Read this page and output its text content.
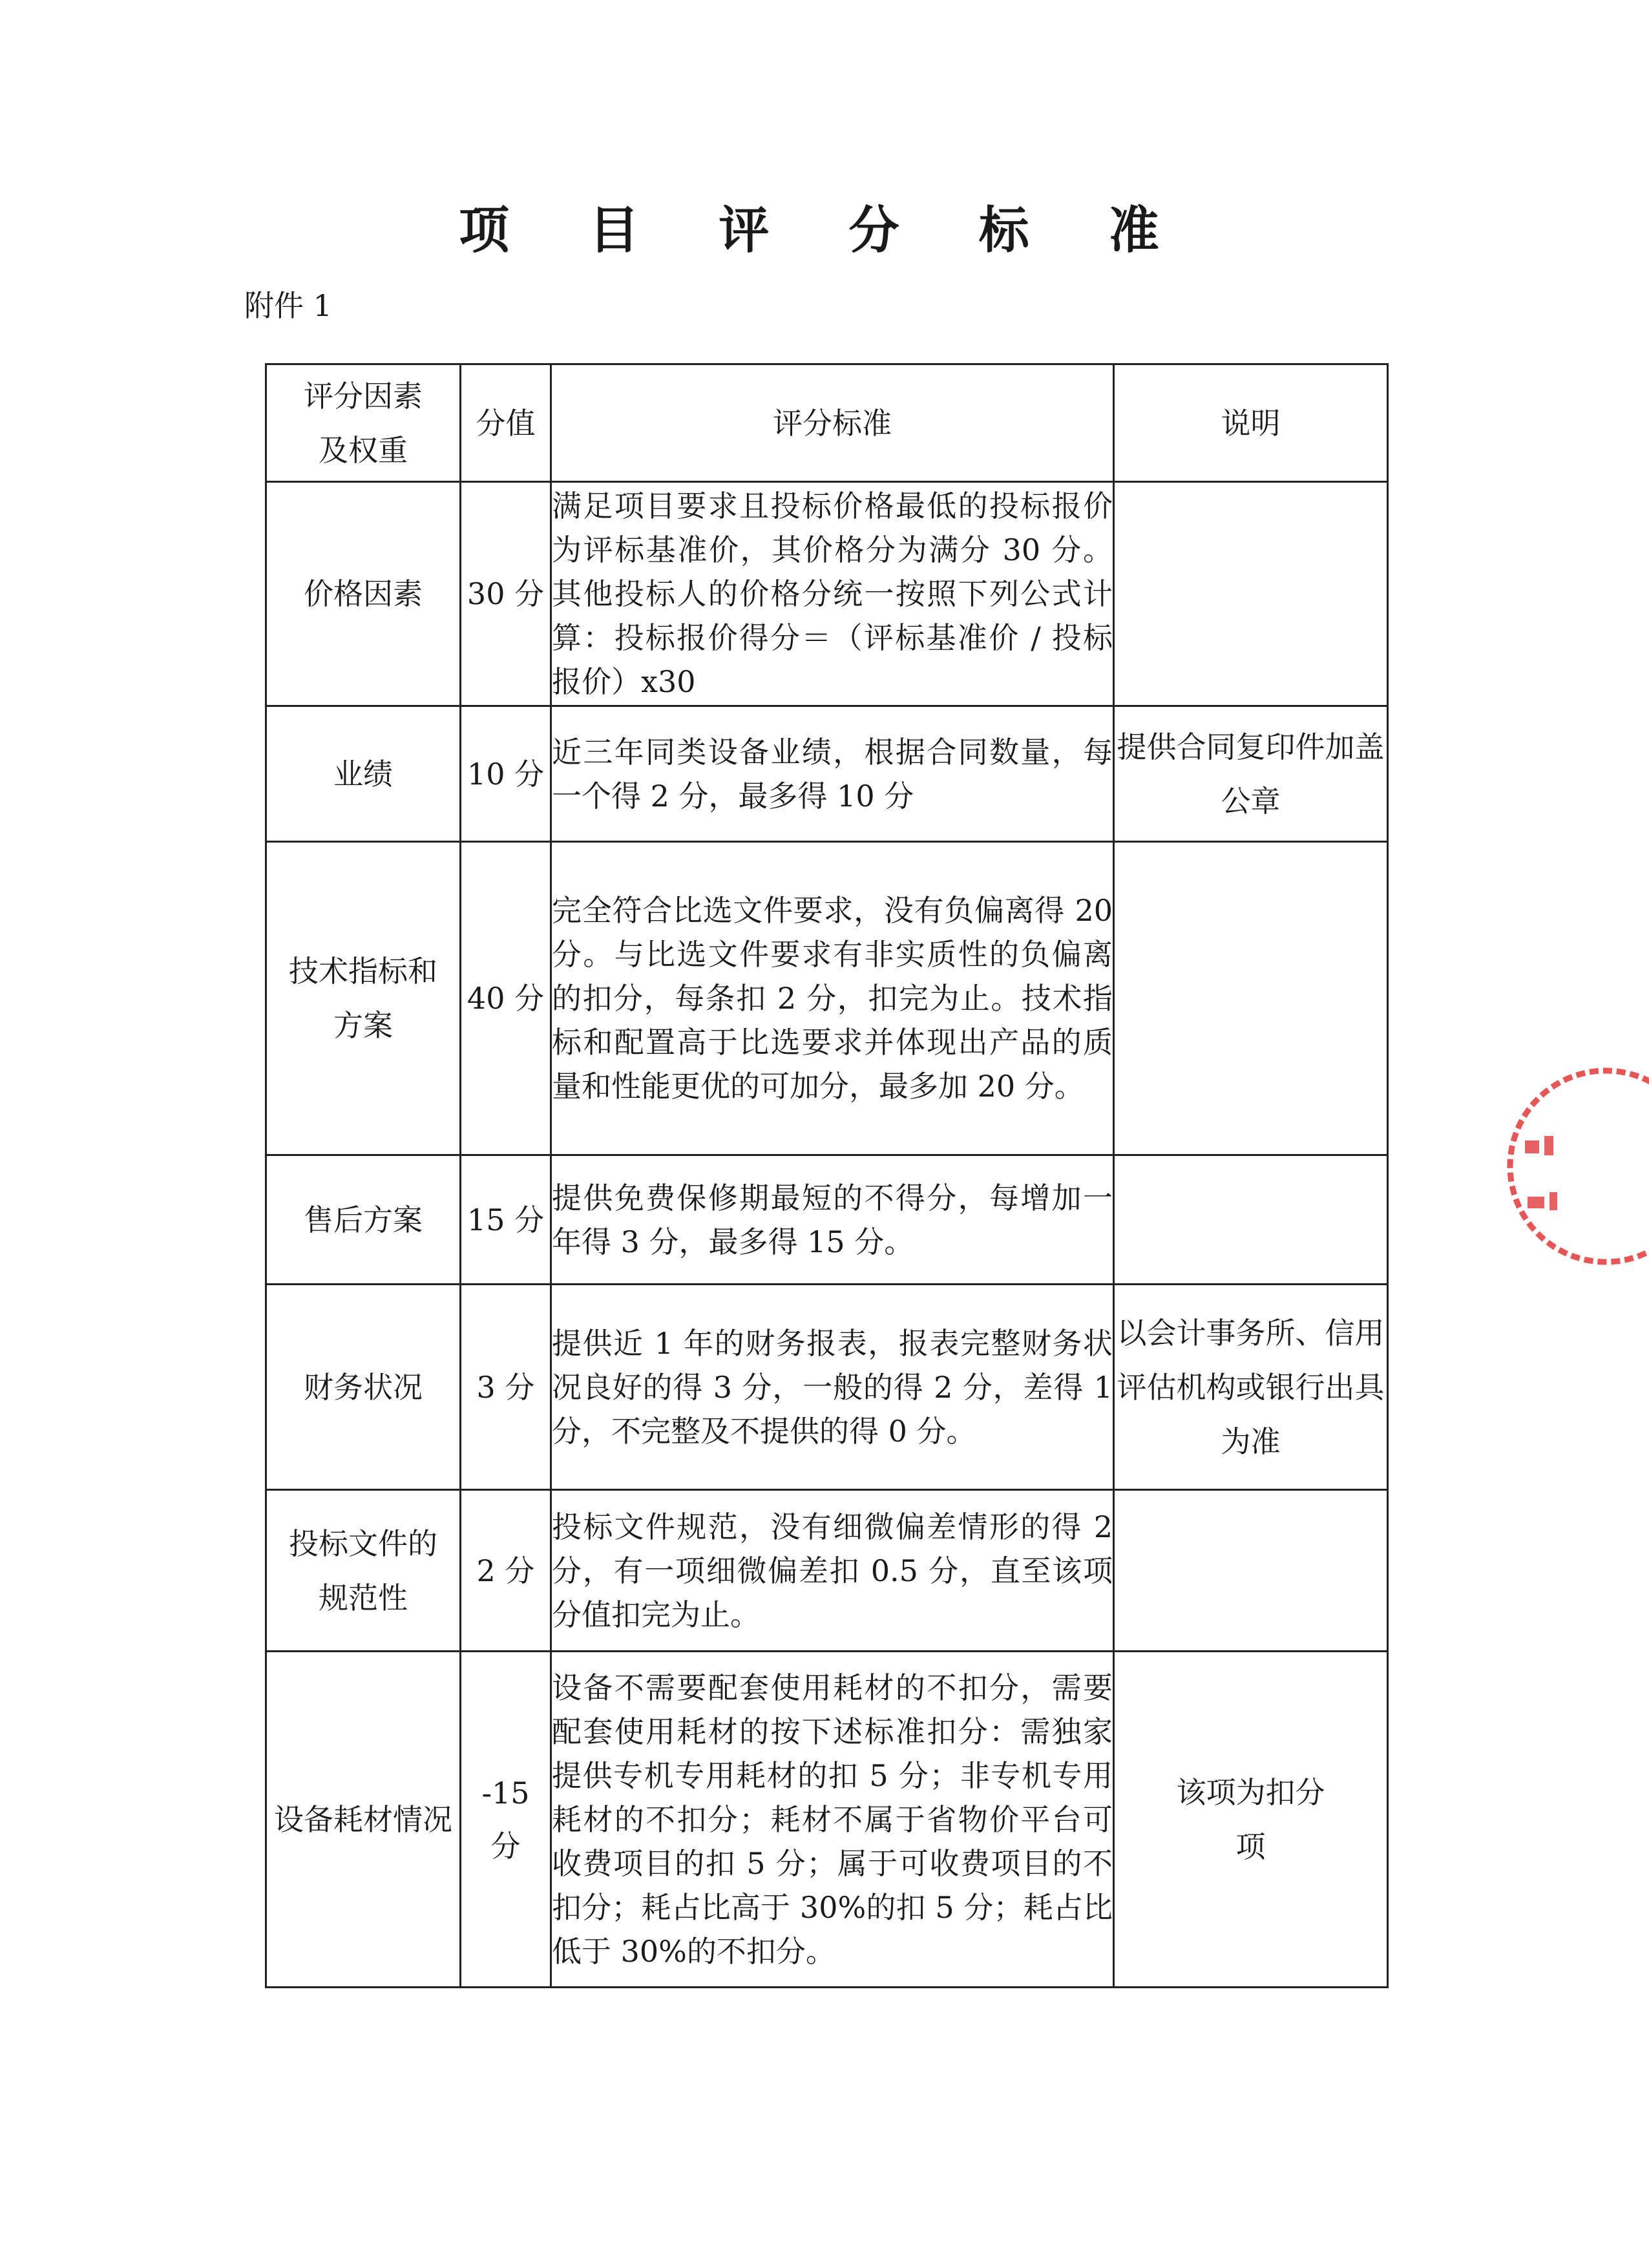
项 目 评 分 标 准
附件 1
评分因素及权重	分值	评分标准	说明
价格因素	30 分	满足项目要求且投标价格最低的投标报价为评标基准价，其价格分为满分 30 分。其他投标人的价格分统一按照下列公式计算：投标报价得分＝（评标基准价 / 投标报价）x30	
业绩	10 分	近三年同类设备业绩，根据合同数量，每一个得 2 分，最多得 10 分	提供合同复印件加盖公章
技术指标和方案	40 分	完全符合比选文件要求，没有负偏离得 20 分。与比选文件要求有非实质性的负偏离的扣分，每条扣 2 分，扣完为止。技术指标和配置高于比选要求并体现出产品的质量和性能更优的可加分，最多加 20 分。	
售后方案	15 分	提供免费保修期最短的不得分，每增加一年得 3 分，最多得 15 分。	
财务状况	3 分	提供近 1 年的财务报表，报表完整财务状况良好的得 3 分，一般的得 2 分，差得 1 分，不完整及不提供的得 0 分。	以会计事务所、信用评估机构或银行出具为准
投标文件的规范性	2 分	投标文件规范，没有细微偏差情形的得 2 分，有一项细微偏差扣 0.5 分，直至该项分值扣完为止。	
设备耗材情况	-15 分	设备不需要配套使用耗材的不扣分，需要配套使用耗材的按下述标准扣分：需独家提供专机专用耗材的扣 5 分；非专机专用耗材的不扣分；耗材不属于省物价平台可收费项目的扣 5 分；属于可收费项目的不扣分；耗占比高于 30%的扣 5 分；耗占比低于 30%的不扣分。	该项为扣分项
